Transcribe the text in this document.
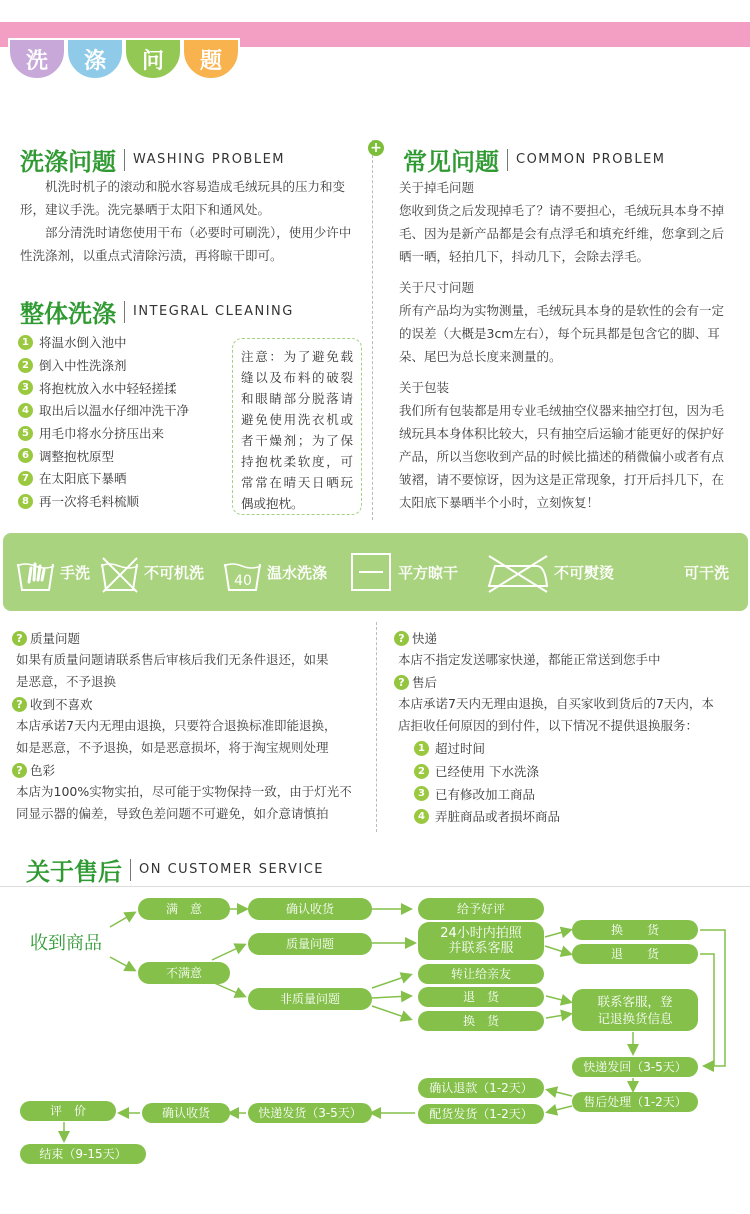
洗 涤 问 题
洗涤问题 WASHING PROBLEM
机洗时机子的滚动和脱水容易造成毛绒玩具的压力和变形，建议手洗。洗完暴晒于太阳下和通风处。
部分清洗时请您使用干布（必要时可刷洗），使用少许中性洗涤剂，以重点式清除污渍，再将晾干即可。
整体洗涤 INTEGRAL CLEANING
1 将温水倒入池中
2 倒入中性洗涤剂
3 将抱枕放入水中轻轻搓揉
4 取出后以温水仔细冲洗干净
5 用毛巾将水分挤压出来
6 调整抱枕原型
7 在太阳底下暴晒
8 再一次将毛料梳顺
注意：为了避免载缝以及布料的破裂和眼睛部分脱落请避免使用洗衣机或者干燥剂；为了保持抱枕柔软度，可常常在晴天日晒玩偶或抱枕。
+ 常见问题 COMMON PROBLEM
关于掉毛问题
您收到货之后发现掉毛了？请不要担心，毛绒玩具本身不掉毛、因为是新产品都是会有点浮毛和填充纤维，您拿到之后晒一晒，轻拍几下，抖动几下，会除去浮毛。
关于尺寸问题
所有产品均为实物测量，毛绒玩具本身的是软性的会有一定的误差（大概是3cm左右），每个玩具都是包含它的脚、耳朵、尾巴为总长度来测量的。
关于包装
我们所有包装都是用专业毛绒抽空仪器来抽空打包，因为毛绒玩具本身体积比较大，只有抽空后运输才能更好的保护好产品，所以当您收到产品的时候比描述的稍微偏小或者有点皱褶，请不要惊讶，因为这是正常现象，打开后抖几下，在太阳底下暴晒半个小时，立刻恢复！
手洗	不可机洗 40 温水洗涤	平方晾干	不可熨烫	可干洗
? 质量问题
如果有质量问题请联系售后审核后我们无条件退还，如果
是恶意，不予退换
? 收到不喜欢
本店承诺7天内无理由退换，只要符合退换标准即能退换，
如是恶意，不予退换，如是恶意损坏，将于淘宝规则处理
? 色彩
本店为100%实物实拍，尽可能于实物保持一致，由于灯光不
同显示器的偏差，导致色差问题不可避免，如介意请慎拍
? 快递
本店不指定发送哪家快递，都能正常送到您手中
? 售后
本店承诺7天内无理由退换，自买家收到货后的7天内，本
店拒收任何原因的到付件，以下情况不提供退换服务：
1 超过时间
2 已经使用 下水洗涤
3 已有修改加工商品
4 弄脏商品或者损坏商品
关于售后 ON CUSTOMER SERVICE
收到商品
满　意	确认收货	给予好评
不满意
质量问题
24小时内拍照
并联系客服
换　　货
退　　货
转让给亲友
非质量问题	退　货
换　货
联系客服，登
记退换货信息
快递发回（3-5天）
售后处理（1-2天）
确认退款（1-2天）
配货发货（1-2天）
快递发货（3-5天）
确认收货
评　价
结束（9-15天）
